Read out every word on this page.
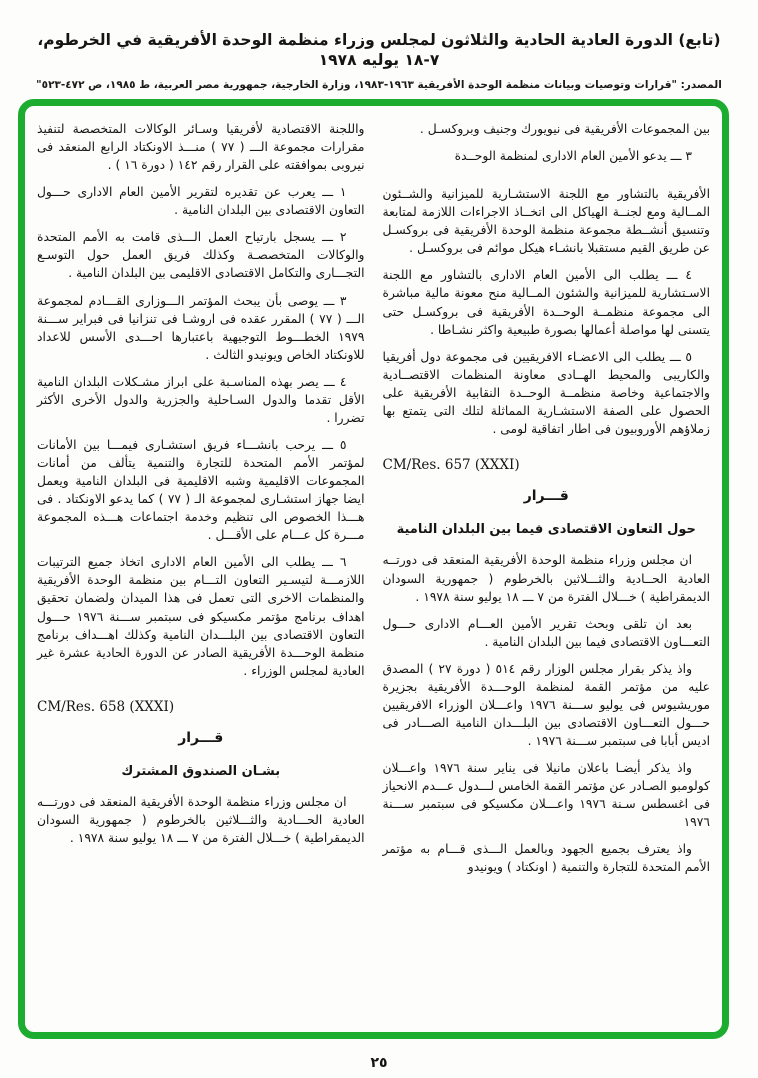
(تابع) الدورة العادية الحادية والثلاثون لمجلس وزراء منظمة الوحدة الأفريقية في الخرطوم، ٧-١٨ يوليه ١٩٧٨
المصدر: "قرارات وتوصيات وبيانات منظمة الوحدة الأفريقية ١٩٦٣-١٩٨٣، وزارة الخارجية، جمهورية مصر العربية، ط ١٩٨٥، ص ٤٧٢-٥٢٣"

بين المجموعات الأفريقية فى نيويورك وجنيف وبروكسـل .

٣ ـــ يدعو الأمين العام الادارى لمنظمة الوحــدة

الأفريقية بالتشاور مع اللجنة الاستشـارية للميزانية والشــئون المــالية ومع لجنــة الهياكل الى اتخــاذ الاجراءات اللازمة لمتابعة وتنسيق أنشــطة مجموعة منظمة الوحدة الأفريقية فى بروكسـل عن طريق القيم مستقبلا بانشـاء هيكل موائم فى بروكسـل .

٤ ـــ يطلب الى الأمين العام الادارى بالتشاور مع اللجنة الاسـتشارية للميزانية والشئون المــالية منح معونة مالية مباشرة الى مجموعة منظمــة الوحــدة الأفريقية فى بروكسـل حتى يتسنى لها مواصلة أعمالها بصورة طبيعية واكثر نشـاطا .

٥ ـــ يطلب الى الاعضـاء الافريقيين فى مجموعة دول أفريقيا والكاريبى والمحيط الهــادى معاونة المنظمات الاقتصــادية والاجتماعية وخاصة منظمــة الوحــدة النقابية الأفريقية على الحصول على الصفة الاستشـارية المماثلة لتلك التى يتمتع بها زملاؤهم الأوروبيون فى اطار اتفاقية لومى .

CM/Res. 657 (XXXI)
قـــرار
حول التعاون الاقتصادى فيما بين البلدان النامية

ان مجلس وزراء منظمة الوحدة الأفريقية المنعقد فى دورتــه العادية الحــادية والثـــلاثين بالخرطوم ( جمهورية السودان الديمقراطية ) خـــلال الفترة من ٧ ـــ ١٨ يوليو سنة ١٩٧٨ .

بعد ان تلقى وبحث تقرير الأمين العـــام الادارى حـــول التعـــاون الاقتصادى فيما بين البلدان النامية .

واذ يذكر بقرار مجلس الوزار رقم ٥١٤ ( دورة ٢٧ ) المصدق عليه من مؤتمر القمة لمنظمة الوحـــدة الأفريقية بجزيرة موريشيوس فى يوليو ســـنة ١٩٧٦ واعـــلان الوزراء الافريقيين حـــول التعـــاون الاقتصادى بين البلـــدان النامية الصـــادر فى اديس أبابا فى سبتمبر ســـنة ١٩٧٦ .

واذ يذكر أيضـا باعلان مانيلا فى يناير سنة ١٩٧٦ واعـــلان كولومبو الصـادر عن مؤتمر القمة الخامس لـــدول عـــدم الانحياز فى اغسطس سـنة ١٩٧٦ واعـــلان مكسيكو فى سبتمبر ســـنة ١٩٧٦

واذ يعترف بجميع الجهود وبالعمل الـــذى قـــام به مؤتمر الأمم المتحدة للتجارة والتنمية ( اونكتاد ) ويونيدو

واللجنة الاقتصادية لأفريقيا وسـائر الوكالات المتخصصة لتنفيذ مقرارات مجموعة الـــ ( ٧٧ ) منـــذ الاونكتاد الرابع المنعقد فى نيروبى بموافقته على القرار رقم ١٤٢ ( دورة ١٦ ) .

١ ـــ يعرب عن تقديره لتقرير الأمين العام الادارى حـــول التعاون الاقتصادى بين البلدان النامية .

٢ ـــ يسجل بارتياح العمل الـــذى قامت به الأمم المتحدة والوكالات المتخصصـة وكذلك فريق العمل حول التوسـع التجـــارى والتكامل الاقتصادى الاقليمى بين البلدان النامية .

٣ ـــ يوصى بأن يبحث المؤتمر الـــوزارى القـــادم لمجموعة الـــ ( ٧٧ ) المقرر عقده فى اروشـا فى تنزانيا فى فبراير ســـنة ١٩٧٩ الخطـــوط التوجيهية باعتبارها احـــدى الأسس للاعداد للاونكتاد الخاص ويونيدو الثالث .

٤ ـــ يصر بهذه المناسـبة على ابراز مشـكلات البلدان النامية الأقل تقدما والدول السـاحلية والجزرية والدول الأخرى الأكثر تضررا .

٥ ـــ يرحب بانشـــاء فريق استشـارى فيمـــا بين الأمانات لمؤتمر الأمم المتحدة للتجارة والتنمية يتألف من أمانات المجموعات الاقليمية وشبه الاقليمية فى البلدان النامية ويعمل ايضا جهاز استشـارى لمجموعة الـ ( ٧٧ ) كما يدعو الاونكتاد . فى هـــذا الخصوص الى تنظيم وخدمة اجتماعات هـــذه المجموعة مـــرة كل عـــام على الأقـــل .

٦ ـــ يطلب الى الأمين العام الادارى اتخاذ جميع الترتيبات اللازمـــة لتيسـير التعاون التـــام بين منظمة الوحدة الأفريقية والمنظمات الاخرى التى تعمل فى هذا الميدان ولضمان تحقيق اهداف برنامج مؤتمر مكسيكو فى سبتمبر ســـنة ١٩٧٦ حـــول التعاون الاقتصادى بين البلـــدان النامية وكذلك اهـــداف برنامج منظمة الوحـــدة الأفريقية الصادر عن الدورة الحادية عشرة غير العادية لمجلس الوزراء .

CM/Res. 658 (XXXI)
قـــرار
بشـان الصندوق المشترك

ان مجلس وزراء منظمة الوحدة الأفريقية المنعقد فى دورتـــه العادية الحـــادية والثـــلاثين بالخرطوم ( جمهورية السودان الديمقراطية ) خـــلال الفترة من ٧ ـــ ١٨ يوليو سنة ١٩٧٨ .

٢٥
